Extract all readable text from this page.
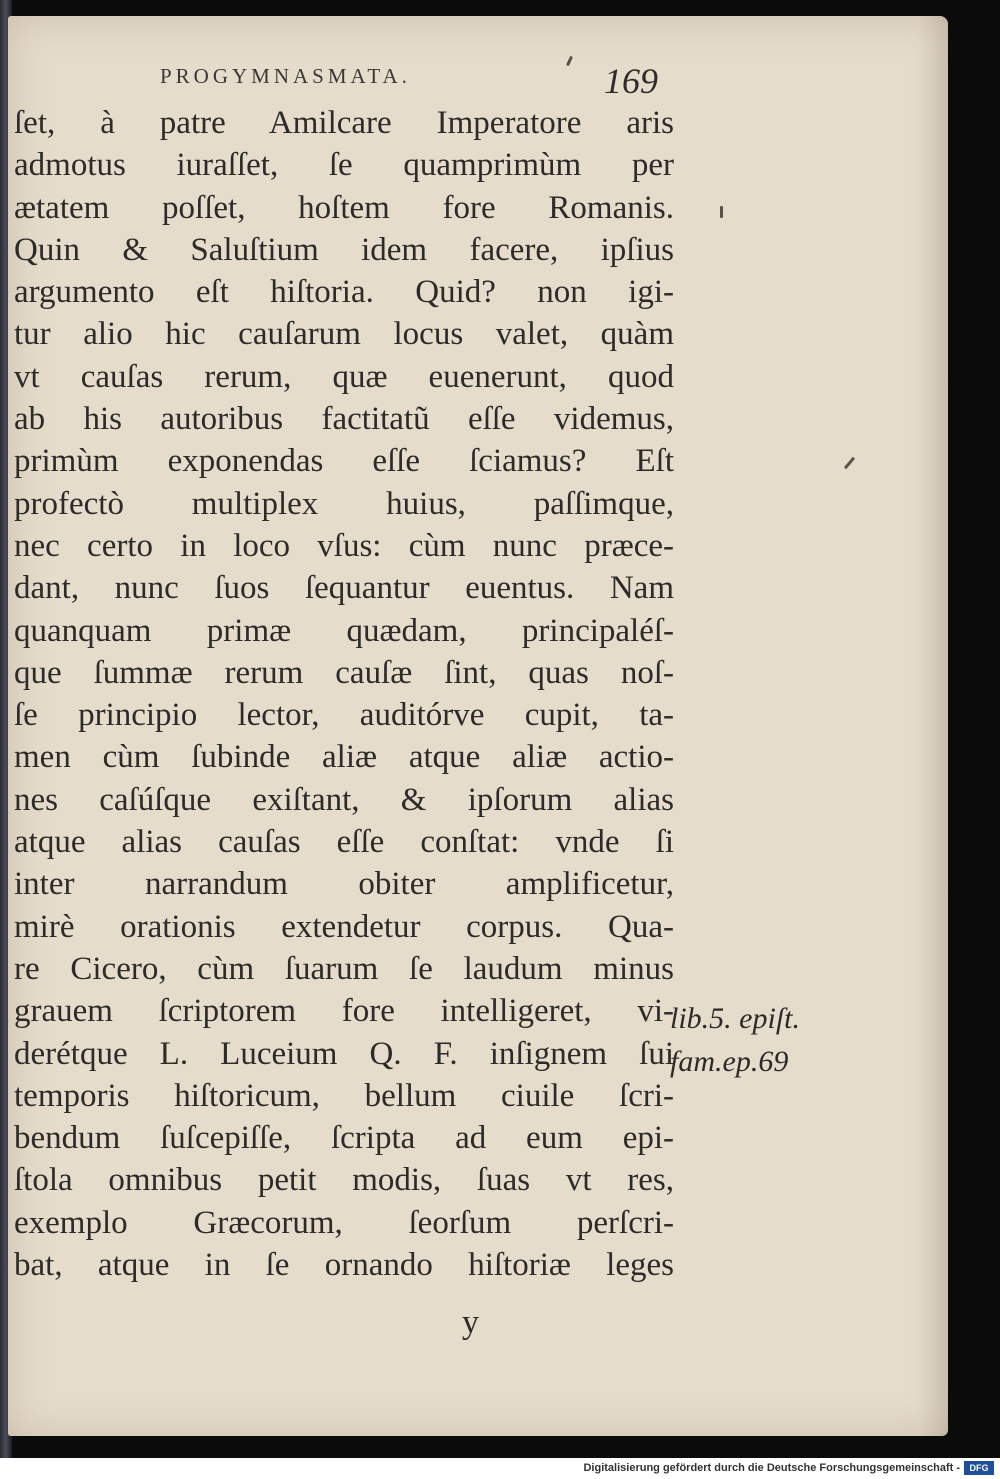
PROGYMNASMATA.	169
ſet, à patre Amilcare Imperatore aris
admotus iuraſſet, ſe quamprimùm per
ætatem poſſet, hoſtem fore Romanis.
Quin & Saluſtium idem facere, ipſius
argumento eſt hiſtoria. Quid? non igi-
tur alio hic cauſarum locus valet, quàm
vt cauſas rerum, quæ euenerunt, quod
ab his autoribus factitatũ eſſe videmus,
primùm exponendas eſſe ſciamus? Eſt
profectò multiplex huius, paſſimque,
nec certo in loco vſus: cùm nunc præce-
dant, nunc ſuos ſequantur euentus. Nam
quanquam primæ quædam, principaléſ-
que ſummæ rerum cauſæ ſint, quas noſ-
ſe principio lector, auditórve cupit, ta-
men cùm ſubinde aliæ atque aliæ actio-
nes caſúſque exiſtant, & ipſorum alias
atque alias cauſas eſſe conſtat: vnde ſi
inter narrandum obiter amplificetur,
mirè orationis extendetur corpus. Qua-
re Cicero, cùm ſuarum ſe laudum minus
grauem ſcriptorem fore intelligeret, vi-
derétque L. Luceium Q. F. inſignem ſui
temporis hiſtoricum, bellum ciuile ſcri-
bendum ſuſcepiſſe, ſcripta ad eum epi-
ſtola omnibus petit modis, ſuas vt res,
exemplo Græcorum, ſeorſum perſcri-
bat, atque in ſe ornando hiſtoriæ leges
lib.5. epiſt.
fam.ep.69
y
Digitalisierung gefördert durch die Deutsche Forschungsgemeinschaft -	DFG
